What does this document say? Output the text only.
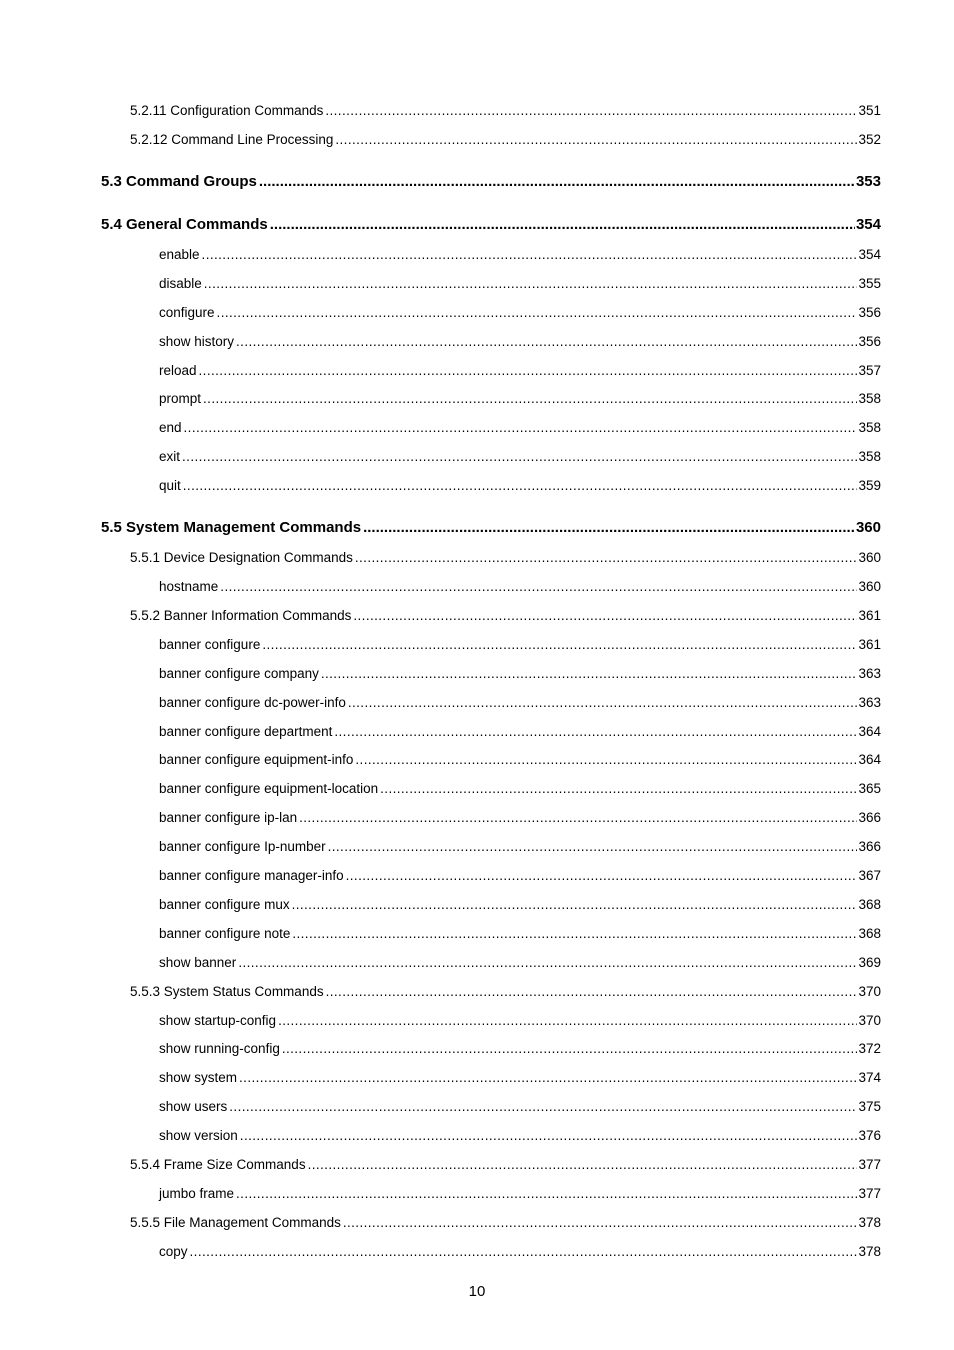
5.2.11 Configuration Commands .....	351
5.2.12 Command Line Processing .....	352
5.3 Command Groups .....	353
5.4 General Commands .....	354
enable .....	354
disable .....	355
configure .....	356
show history .....	356
reload .....	357
prompt .....	358
end .....	358
exit .....	358
quit .....	359
5.5 System Management Commands .....	360
5.5.1 Device Designation Commands .....	360
hostname .....	360
5.5.2 Banner Information Commands .....	361
banner configure .....	361
banner configure company .....	363
banner configure dc-power-info .....	363
banner configure department .....	364
banner configure equipment-info .....	364
banner configure equipment-location .....	365
banner configure ip-lan .....	366
banner configure Ip-number .....	366
banner configure manager-info .....	367
banner configure mux .....	368
banner configure note .....	368
show banner .....	369
5.5.3 System Status Commands .....	370
show startup-config .....	370
show running-config .....	372
show system .....	374
show users .....	375
show version .....	376
5.5.4 Frame Size Commands .....	377
jumbo frame .....	377
5.5.5 File Management Commands .....	378
copy .....	378
10
